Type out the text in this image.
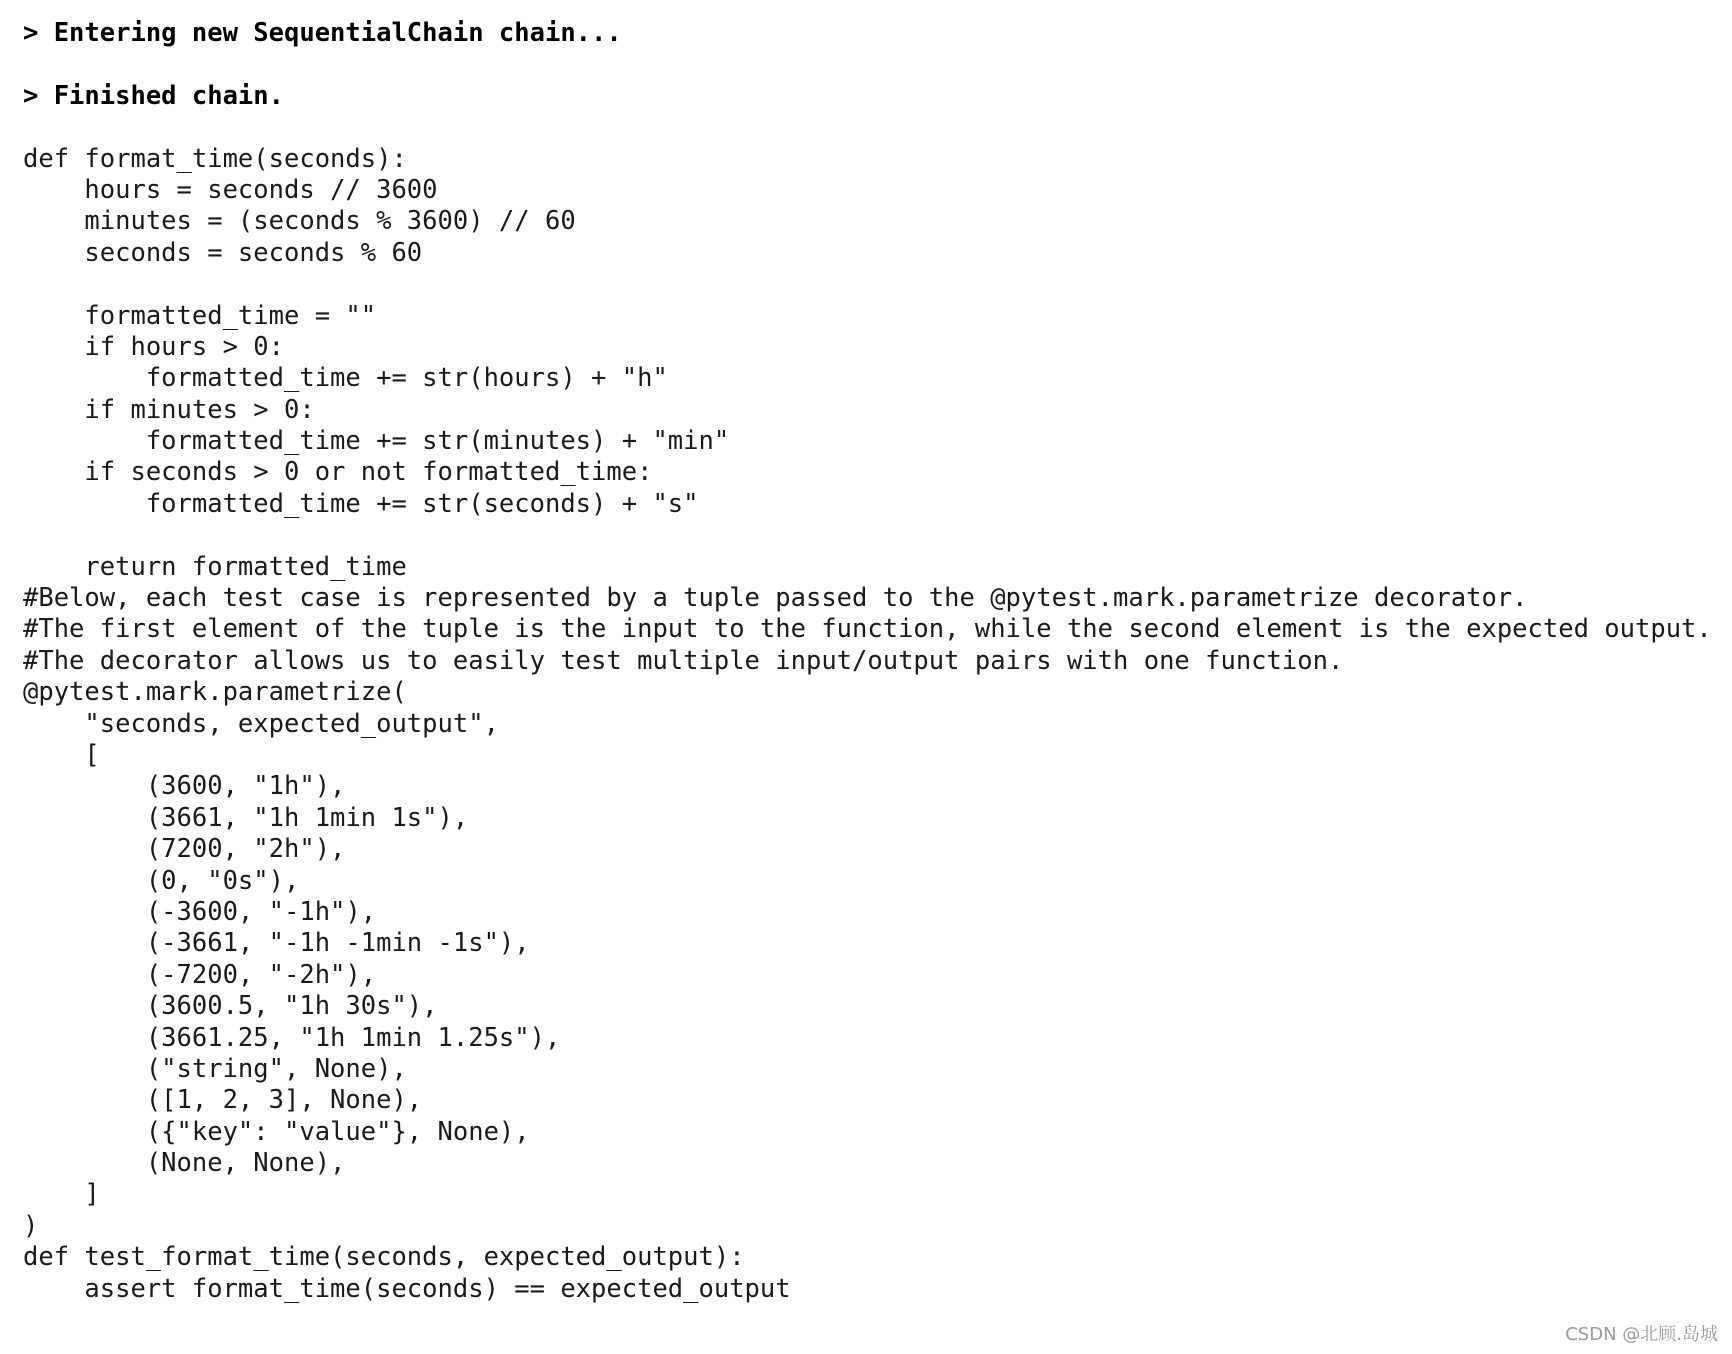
> Entering new SequentialChain chain...
> Finished chain.
def format_time(seconds):
hours = seconds // 3600
minutes = (seconds % 3600) // 60
seconds = seconds % 60
formatted_time = ""
if hours > 0:
formatted_time += str(hours) + "h"
if minutes > 0:
formatted_time += str(minutes) + "min"
if seconds > 0 or not formatted_time:
formatted_time += str(seconds) + "s"
return formatted_time
#Below, each test case is represented by a tuple passed to the @pytest.mark.parametrize decorator.
#The first element of the tuple is the input to the function, while the second element is the expected output.
#The decorator allows us to easily test multiple input/output pairs with one function.
@pytest.mark.parametrize(
"seconds, expected_output",
[
(3600, "1h"),
(3661, "1h 1min 1s"),
(7200, "2h"),
(0, "0s"),
(-3600, "-1h"),
(-3661, "-1h -1min -1s"),
(-7200, "-2h"),
(3600.5, "1h 30s"),
(3661.25, "1h 1min 1.25s"),
("string", None),
([1, 2, 3], None),
({"key": "value"}, None),
(None, None),
]
)
def test_format_time(seconds, expected_output):
assert format_time(seconds) == expected_output
CSDN @北顾.岛城
